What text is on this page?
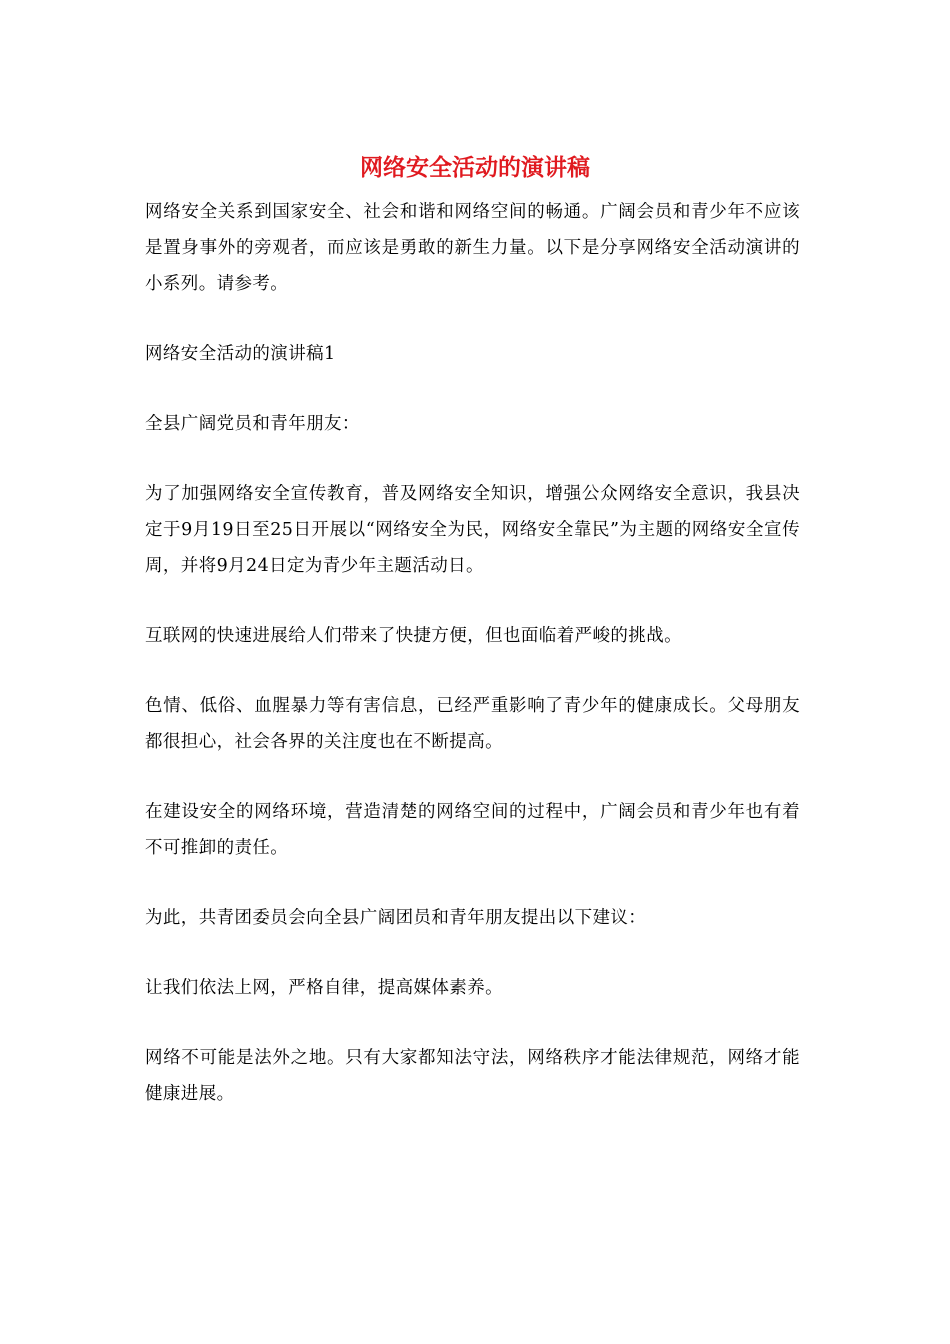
网络安全活动的演讲稿

网络安全关系到国家安全、社会和谐和网络空间的畅通。广阔会员和青少年不应该是置身事外的旁观者，而应该是勇敢的新生力量。以下是分享网络安全活动演讲的小系列。请参考。

网络安全活动的演讲稿1

全县广阔党员和青年朋友：

为了加强网络安全宣传教育，普及网络安全知识，增强公众网络安全意识，我县决定于9月19日至25日开展以“网络安全为民，网络安全靠民”为主题的网络安全宣传周，并将9月24日定为青少年主题活动日。

互联网的快速进展给人们带来了快捷方便，但也面临着严峻的挑战。

色情、低俗、血腥暴力等有害信息，已经严重影响了青少年的健康成长。父母朋友都很担心，社会各界的关注度也在不断提高。

在建设安全的网络环境，营造清楚的网络空间的过程中，广阔会员和青少年也有着不可推卸的责任。

为此，共青团委员会向全县广阔团员和青年朋友提出以下建议：

让我们依法上网，严格自律，提高媒体素养。

网络不可能是法外之地。只有大家都知法守法，网络秩序才能法律规范，网络才能健康进展。
